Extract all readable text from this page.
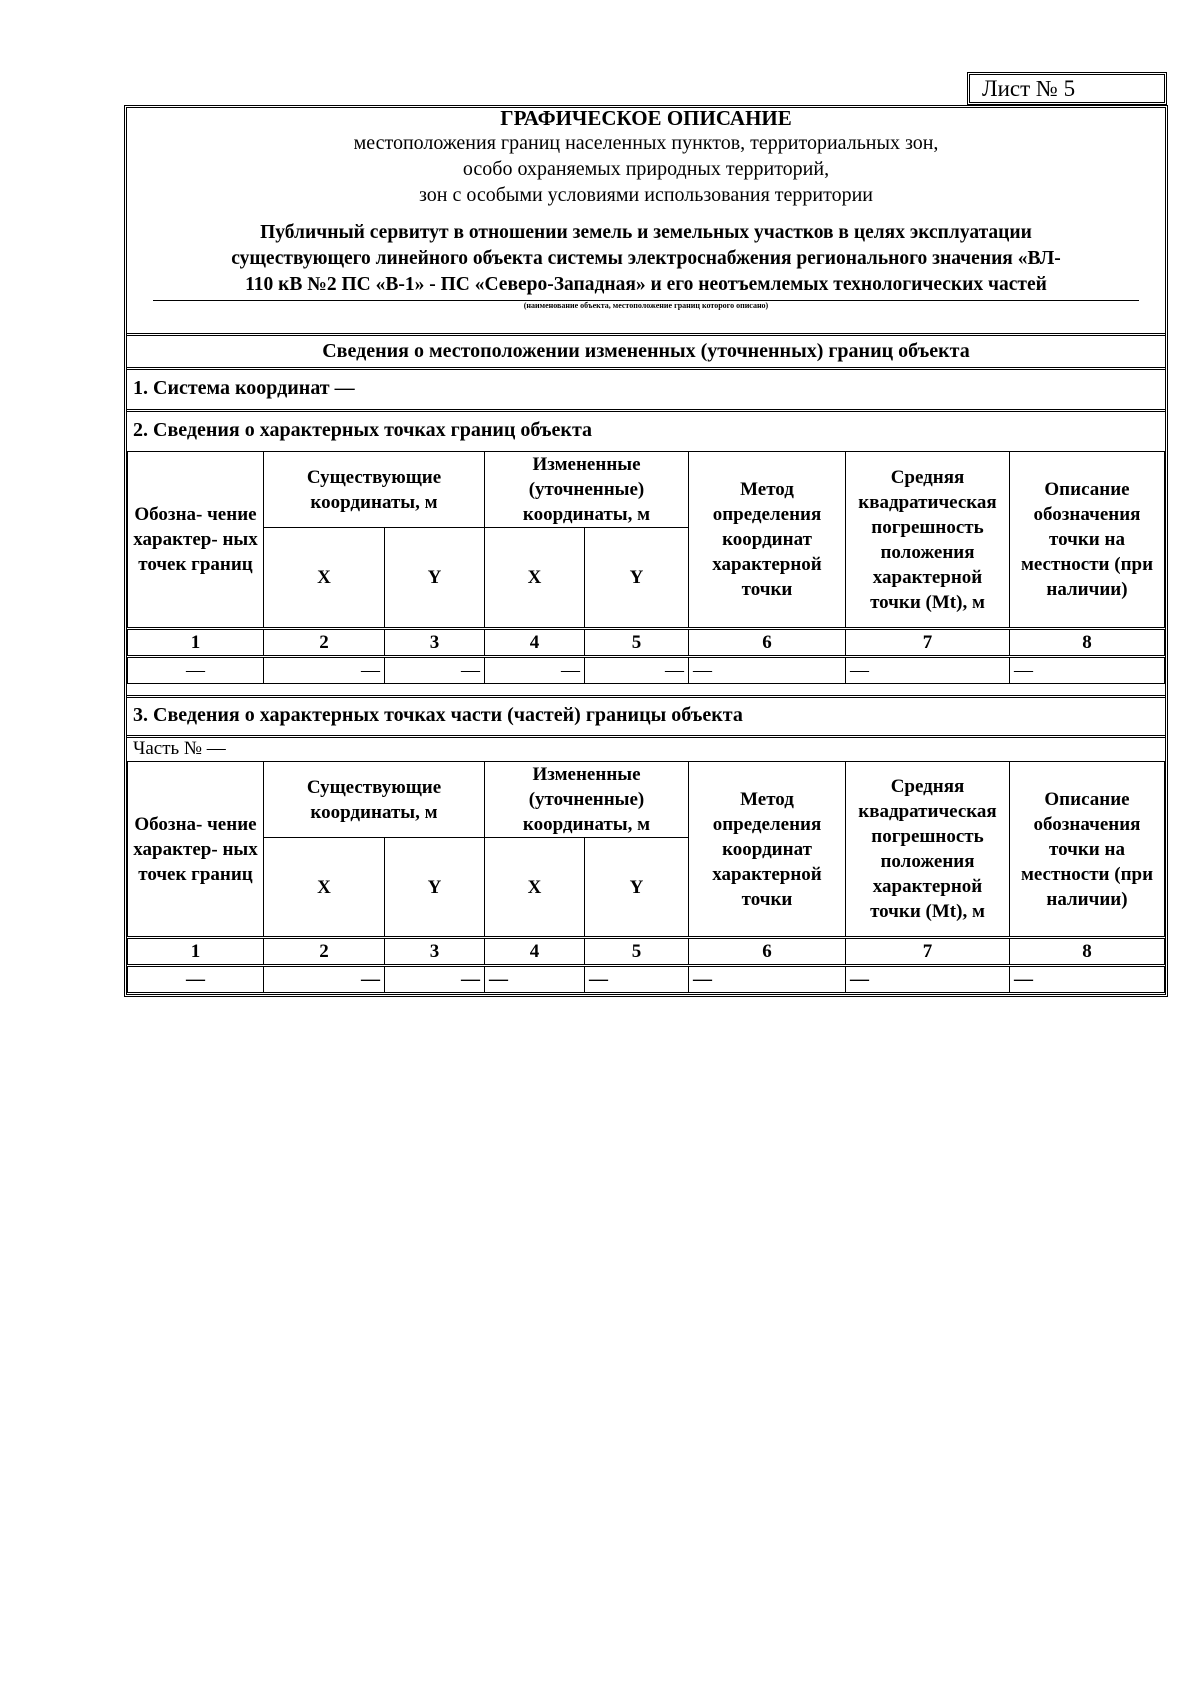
Лист № 5
ГРАФИЧЕСКОЕ ОПИСАНИЕ
местоположения границ населенных пунктов, территориальных зон,
особо охраняемых природных территорий,
зон с особыми условиями использования территории
Публичный сервитут в отношении земель и земельных участков в целях эксплуатации
существующего линейного объекта системы электроснабжения регионального значения «ВЛ-
110 кВ №2 ПС «В-1» - ПС «Северо-Западная» и его неотъемлемых технологических частей
(наименование объекта, местоположение границ которого описано)
Сведения о местоположении измененных (уточненных) границ объекта
1. Система координат —
2. Сведения о характерных точках границ объекта
Обозна- чение характер- ных точек границ	Существующие координаты, м		Измененные (уточненные) координаты, м		Метод определения координат характерной точки	Средняя квадратическая погрешность положения характерной точки (Mt), м	Описание обозначения точки на местности (при наличии)
	X	Y	X	Y			
1	2	3	4	5	6	7	8
—	—	—	—	—	—	—	—
3. Сведения о характерных точках части (частей) границы объекта
Часть № —
Обозна- чение характер- ных точек границ	Существующие координаты, м		Измененные (уточненные) координаты, м		Метод определения координат характерной точки	Средняя квадратическая погрешность положения характерной точки (Mt), м	Описание обозначения точки на местности (при наличии)
	X	Y	X	Y			
1	2	3	4	5	6	7	8
—	—	—	—	—	—	—	—
